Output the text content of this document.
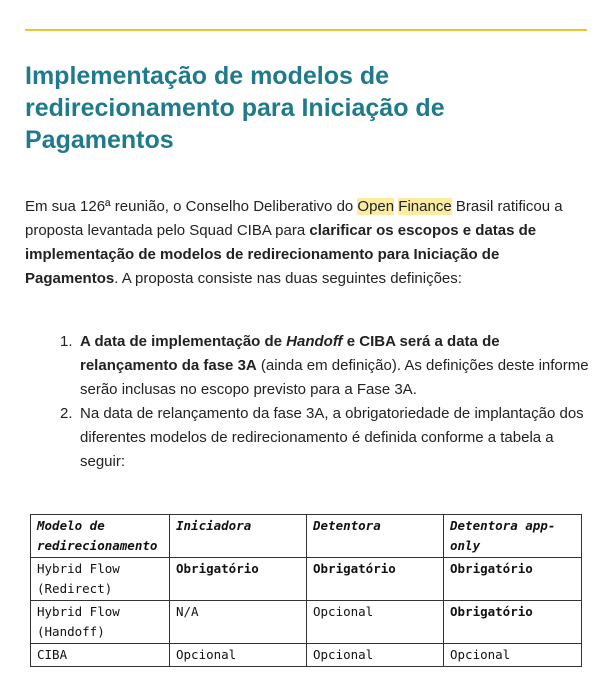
Implementação de modelos de redirecionamento para Iniciação de Pagamentos

Em sua 126ª reunião, o Conselho Deliberativo do Open Finance Brasil ratificou a proposta levantada pelo Squad CIBA para clarificar os escopos e datas de implementação de modelos de redirecionamento para Iniciação de Pagamentos. A proposta consiste nas duas seguintes definições:

1. A data de implementação de Handoff e CIBA será a data de relançamento da fase 3A (ainda em definição). As definições deste informe serão inclusas no escopo previsto para a Fase 3A.
2. Na data de relançamento da fase 3A, a obrigatoriedade de implantação dos diferentes modelos de redirecionamento é definida conforme a tabela a seguir:
Modelo de redirecionamento	Iniciadora	Detentora	Detentora app-only
Hybrid Flow (Redirect)	Obrigatório	Obrigatório	Obrigatório
Hybrid Flow (Handoff)	N/A	Opcional	Obrigatório
CIBA	Opcional	Opcional	Opcional
